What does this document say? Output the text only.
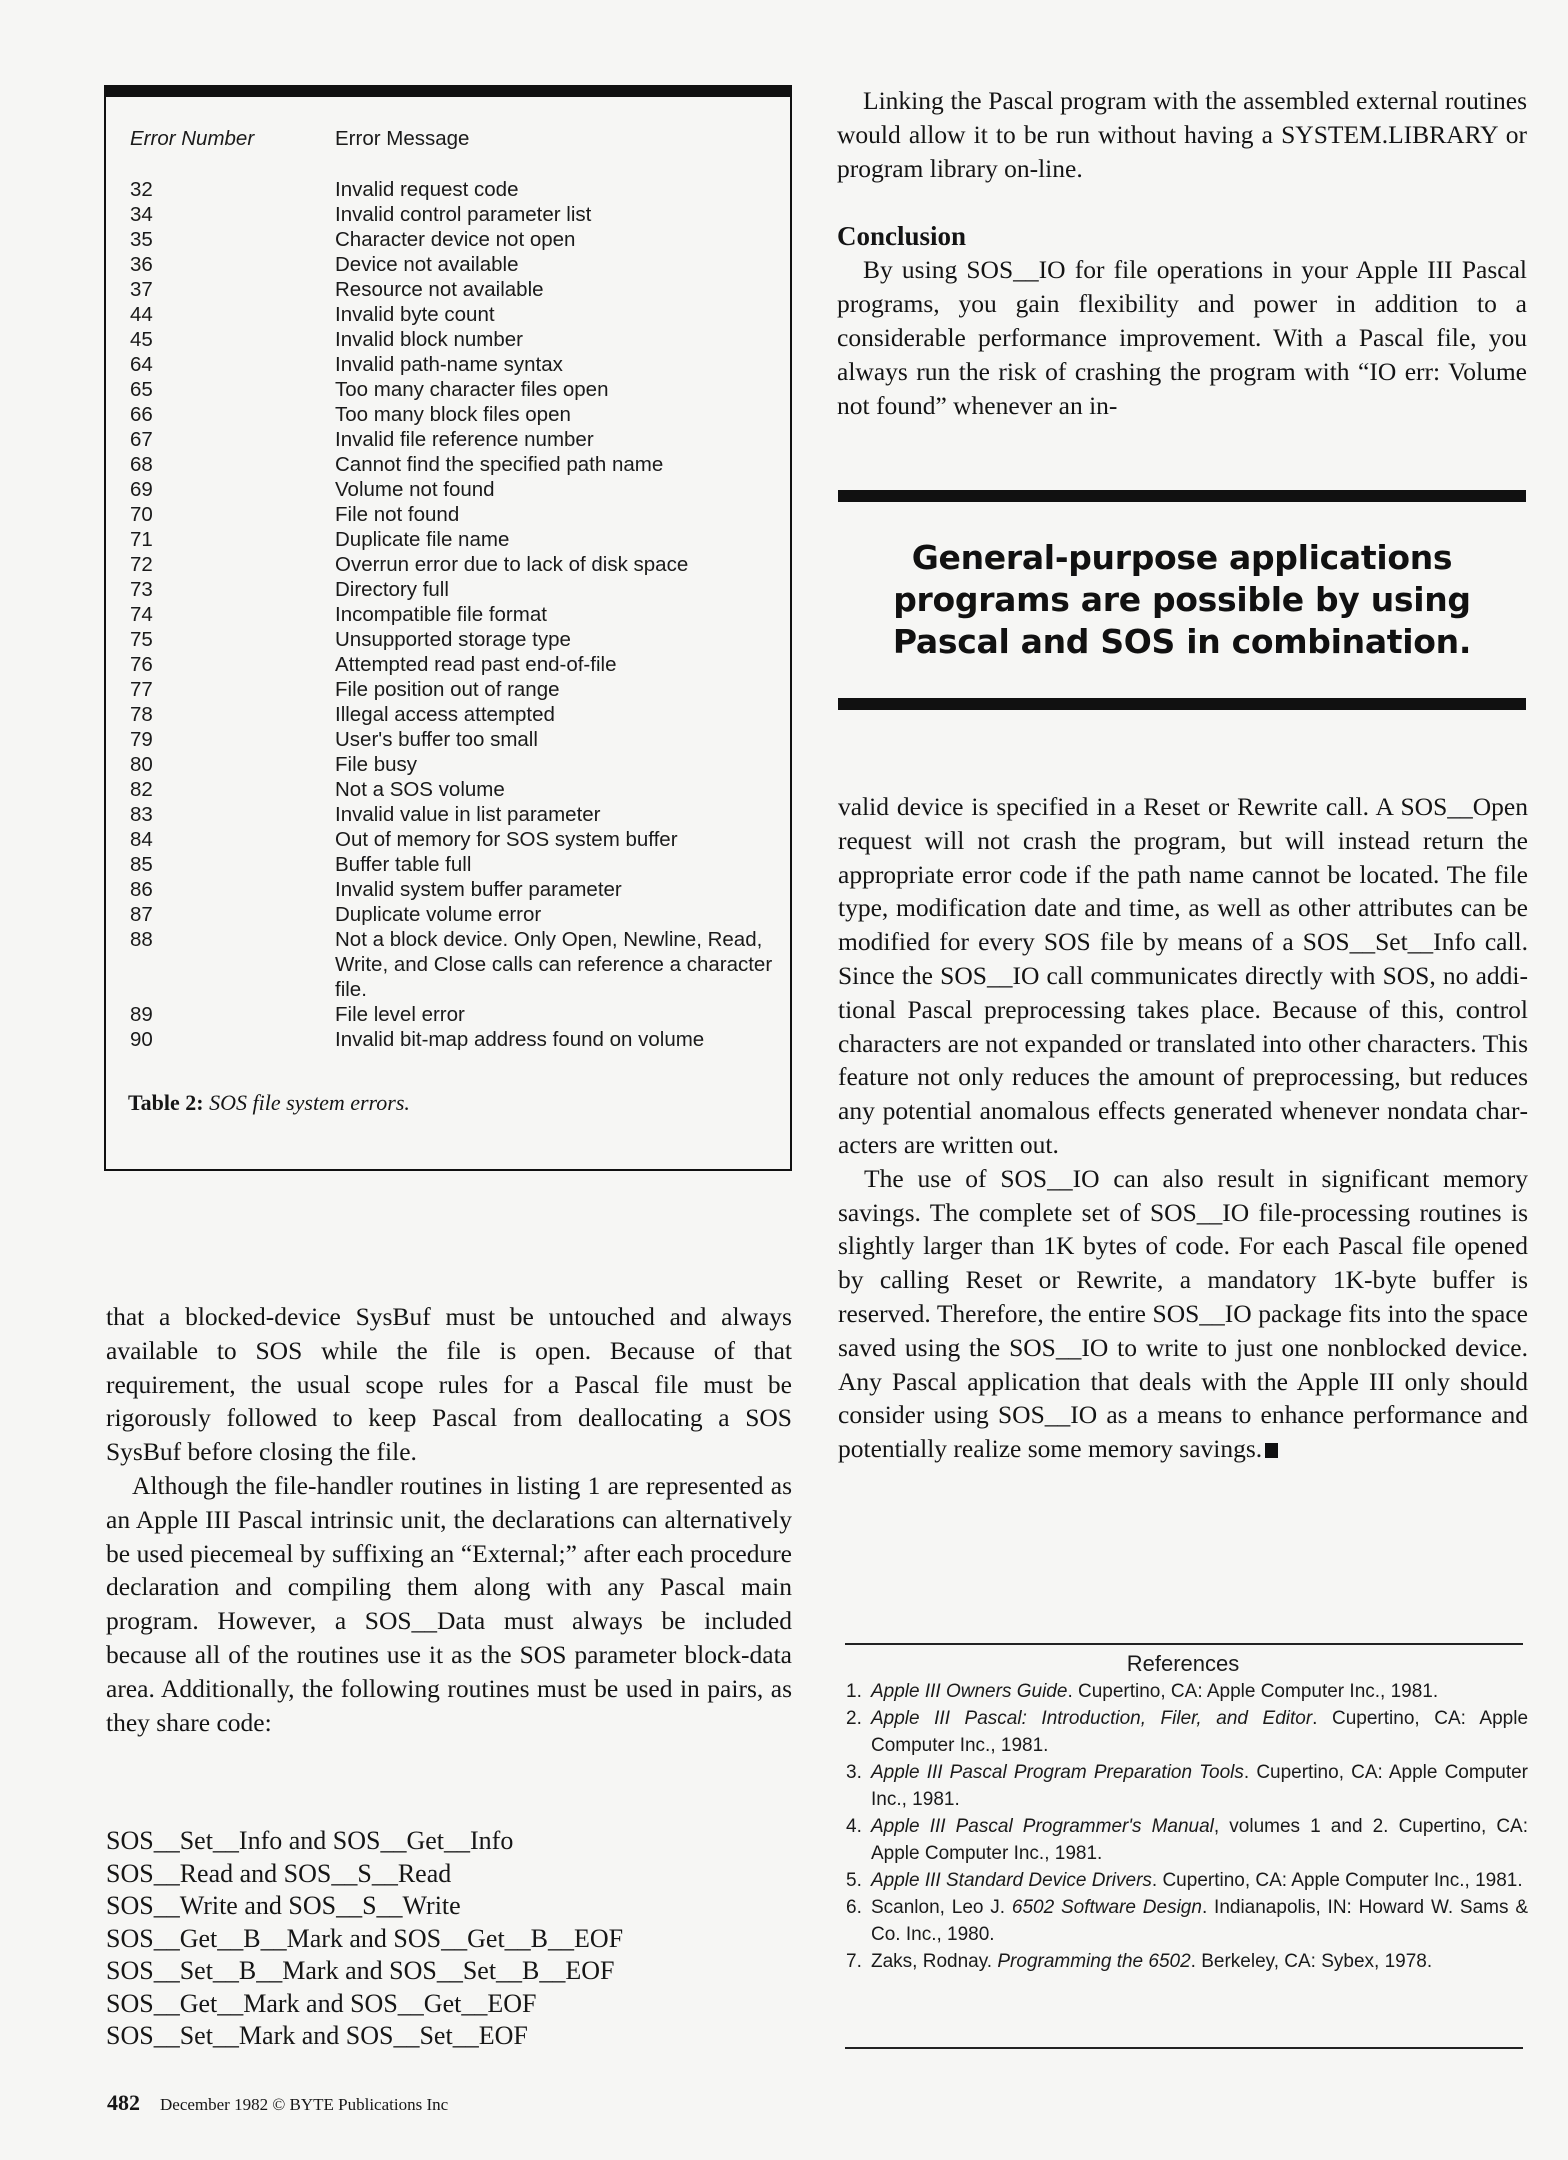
Error Number	Error Message
32	Invalid request code
34	Invalid control parameter list
35	Character device not open
36	Device not available
37	Resource not available
44	Invalid byte count
45	Invalid block number
64	Invalid path-name syntax
65	Too many character files open
66	Too many block files open
67	Invalid file reference number
68	Cannot find the specified path name
69	Volume not found
70	File not found
71	Duplicate file name
72	Overrun error due to lack of disk space
73	Directory full
74	Incompatible file format
75	Unsupported storage type
76	Attempted read past end-of-file
77	File position out of range
78	Illegal access attempted
79	User's buffer too small
80	File busy
82	Not a SOS volume
83	Invalid value in list parameter
84	Out of memory for SOS system buffer
85	Buffer table full
86	Invalid system buffer parameter
87	Duplicate volume error
88	Not a block device. Only Open, Newline, Read, Write, and Close calls can reference a character file.
89	File level error
90	Invalid bit-map address found on volume
Table 2: SOS file system errors.

that a blocked-device SysBuf must be untouched and always available to SOS while the file is open. Because of that requirement, the usual scope rules for a Pascal file must be rigorously followed to keep Pascal from deallocating a SOS SysBuf before closing the file.

Although the file-handler routines in listing 1 are represented as an Apple III Pascal intrinsic unit, the declarations can alternatively be used piecemeal by suffixing an “External;” after each procedure declaration and compiling them along with any Pascal main program. However, a SOS__Data must always be included because all of the routines use it as the SOS parameter block-data area. Additionally, the following routines must be used in pairs, as they share code:

SOS__Set__Info and SOS__Get__Info
SOS__Read and SOS__S__Read
SOS__Write and SOS__S__Write
SOS__Get__B__Mark and SOS__Get__B__EOF
SOS__Set__B__Mark and SOS__Set__B__EOF
SOS__Get__Mark and SOS__Get__EOF
SOS__Set__Mark and SOS__Set__EOF
482 December 1982 © BYTE Publications Inc

Linking the Pascal program with the assembled external routines would allow it to be run without having a SYSTEM.LIBRARY or program library on-line.

Conclusion

By using SOS__IO for file operations in your Apple III Pascal programs, you gain flexibility and power in addition to a considerable performance improvement. With a Pascal file, you always run the risk of crashing the program with “IO err: Volume not found” whenever an in-

General-purpose applications programs are possible by using Pascal and SOS in combination.

valid device is specified in a Reset or Rewrite call. A SOS__Open request will not crash the program, but will instead return the appropriate error code if the path name cannot be located. The file type, modification date and time, as well as other attributes can be modified for every SOS file by means of a SOS__Set__Info call. Since the SOS__IO call communicates directly with SOS, no additional Pascal preprocessing takes place. Because of this, control characters are not expanded or translated into other characters. This feature not only reduces the amount of preprocessing, but reduces any potential anomalous effects generated whenever nondata characters are written out.

The use of SOS__IO can also result in significant memory savings. The complete set of SOS__IO file-processing routines is slightly larger than 1K bytes of code. For each Pascal file opened by calling Reset or Rewrite, a mandatory 1K-byte buffer is reserved. Therefore, the entire SOS__IO package fits into the space saved using the SOS__IO to write to just one nonblocked device. Any Pascal application that deals with the Apple III only should consider using SOS__IO as a means to enhance performance and potentially realize some memory savings.

References
1. Apple III Owners Guide. Cupertino, CA: Apple Computer Inc., 1981.
2. Apple III Pascal: Introduction, Filer, and Editor. Cupertino, CA: Apple Computer Inc., 1981.
3. Apple III Pascal Program Preparation Tools. Cupertino, CA: Apple Computer Inc., 1981.
4. Apple III Pascal Programmer's Manual, volumes 1 and 2. Cupertino, CA: Apple Computer Inc., 1981.
5. Apple III Standard Device Drivers. Cupertino, CA: Apple Computer Inc., 1981.
6. Scanlon, Leo J. 6502 Software Design. Indianapolis, IN: Howard W. Sams & Co. Inc., 1980.
7. Zaks, Rodnay. Programming the 6502. Berkeley, CA: Sybex, 1978.
